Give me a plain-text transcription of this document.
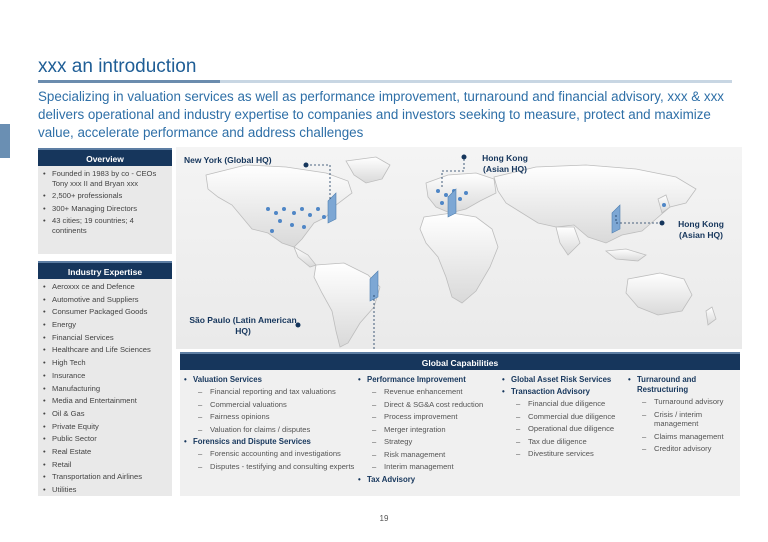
xxx an introduction
Specializing in valuation services as well as performance improvement, turnaround and financial advisory, xxx & xxx delivers operational and industry expertise to companies and investors seeking to measure, protect and maximize value, accelerate performance and address challenges
Overview
• Founded in 1983 by co - CEOs Tony xxx II and Bryan xxx
• 2,500+ professionals
• 300+ Managing Directors
• 43 cities; 19 countries; 4 continents
Industry Expertise
• Aeroxxx ce and Defence
• Automotive and Suppliers
• Consumer Packaged Goods
• Energy
• Financial Services
• Healthcare and Life Sciences
• High Tech
• Insurance
• Manufacturing
• Media and Entertainment
• Oil & Gas
• Private Equity
• Public Sector
• Real Estate
• Retail
• Transportation and Airlines
• Utilities
New York (Global HQ)	Hong Kong (Asian HQ)
Hong Kong (Asian HQ)
São Paulo (Latin American HQ)
Global Capabilities
• Valuation Services
– Financial reporting and tax valuations
– Commercial valuations
– Fairness opinions
– Valuation for claims / disputes
• Forensics and Dispute Services
– Forensic accounting and investigations
– Disputes - testifying and consulting experts
• Performance Improvement
– Revenue enhancement
– Direct & SG&A cost reduction
– Process improvement
– Merger integration
– Strategy
– Risk management
– Interim management
• Tax Advisory
• Global Asset Risk Services
• Transaction Advisory
– Financial due diligence
– Commercial due diligence
– Operational due diligence
– Tax due diligence
– Divestiture services
• Turnaround and Restructuring
– Turnaround advisory
– Crisis / interim management
– Claims management
– Creditor advisory
19
